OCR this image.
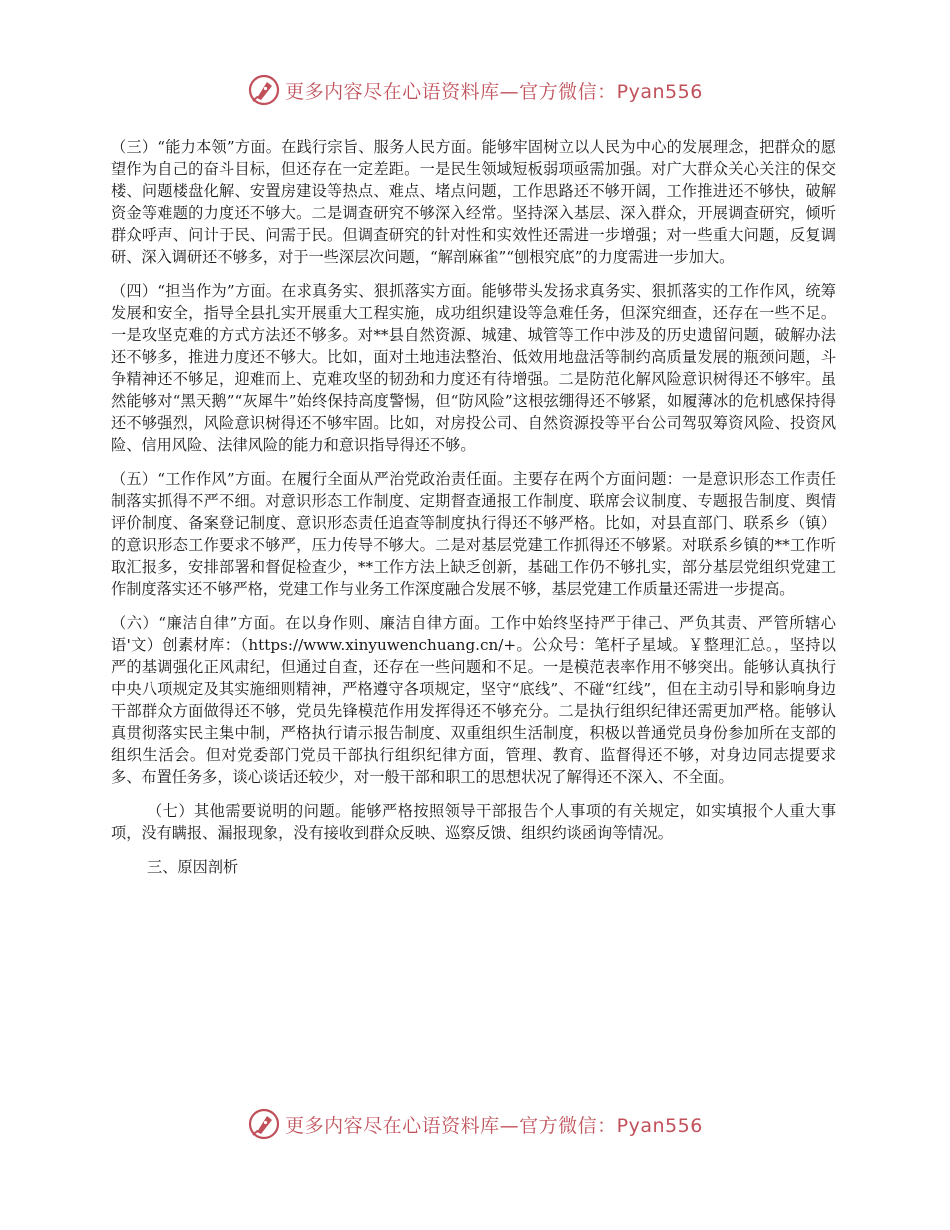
更多内容尽在心语资料库—官方微信：Pyan556

（三）“能力本领”方面。在践行宗旨、服务人民方面。能够牢固树立以人民为中心的发展理念，把群众的愿望作为自己的奋斗目标，但还存在一定差距。一是民生领域短板弱项亟需加强。对广大群众关心关注的保交楼、问题楼盘化解、安置房建设等热点、难点、堵点问题，工作思路还不够开阔，工作推进还不够快，破解资金等难题的力度还不够大。二是调查研究不够深入经常。坚持深入基层、深入群众，开展调查研究，倾听群众呼声、问计于民、问需于民。但调查研究的针对性和实效性还需进一步增强；对一些重大问题，反复调研、深入调研还不够多，对于一些深层次问题，“解剖麻雀”“刨根究底”的力度需进一步加大。

（四）“担当作为”方面。在求真务实、狠抓落实方面。能够带头发扬求真务实、狠抓落实的工作作风，统筹发展和安全，指导全县扎实开展重大工程实施，成功组织建设等急难任务，但深究细查，还存在一些不足。一是攻坚克难的方式方法还不够多。对**县自然资源、城建、城管等工作中涉及的历史遗留问题，破解办法还不够多，推进力度还不够大。比如，面对土地违法整治、低效用地盘活等制约高质量发展的瓶颈问题，斗争精神还不够足，迎难而上、克难攻坚的韧劲和力度还有待增强。二是防范化解风险意识树得还不够牢。虽然能够对“黑天鹅”“灰犀牛”始终保持高度警惕，但“防风险”这根弦绷得还不够紧，如履薄冰的危机感保持得还不够强烈，风险意识树得还不够牢固。比如，对房投公司、自然资源投等平台公司驾驭筹资风险、投资风险、信用风险、法律风险的能力和意识指导得还不够。

（五）“工作作风”方面。在履行全面从严治党政治责任面。主要存在两个方面问题：一是意识形态工作责任制落实抓得不严不细。对意识形态工作制度、定期督查通报工作制度、联席会议制度、专题报告制度、舆情评价制度、备案登记制度、意识形态责任追查等制度执行得还不够严格。比如，对县直部门、联系乡（镇）的意识形态工作要求不够严，压力传导不够大。二是对基层党建工作抓得还不够紧。对联系乡镇的**工作听取汇报多，安排部署和督促检查少，**工作方法上缺乏创新，基础工作仍不够扎实，部分基层党组织党建工作制度落实还不够严格，党建工作与业务工作深度融合发展不够，基层党建工作质量还需进一步提高。

（六）“廉洁自律”方面。在以身作则、廉洁自律方面。工作中始终坚持严于律己、严负其责、严管所辖心语'文）创素材库：（https://www.xinyuwenchuang.cn/+。公众号：笔杆子星域。￥整理汇总。，坚持以严的基调强化正风肃纪，但通过自查，还存在一些问题和不足。一是模范表率作用不够突出。能够认真执行中央八项规定及其实施细则精神，严格遵守各项规定，坚守“底线”、不碰“红线”，但在主动引导和影响身边干部群众方面做得还不够，党员先锋模范作用发挥得还不够充分。二是执行组织纪律还需更加严格。能够认真贯彻落实民主集中制，严格执行请示报告制度、双重组织生活制度，积极以普通党员身份参加所在支部的组织生活会。但对党委部门党员干部执行组织纪律方面，管理、教育、监督得还不够，对身边同志提要求多、布置任务多，谈心谈话还较少，对一般干部和职工的思想状况了解得还不深入、不全面。

（七）其他需要说明的问题。能够严格按照领导干部报告个人事项的有关规定，如实填报个人重大事项，没有瞒报、漏报现象，没有接收到群众反映、巡察反馈、组织约谈函询等情况。

三、原因剖析

更多内容尽在心语资料库—官方微信：Pyan556
